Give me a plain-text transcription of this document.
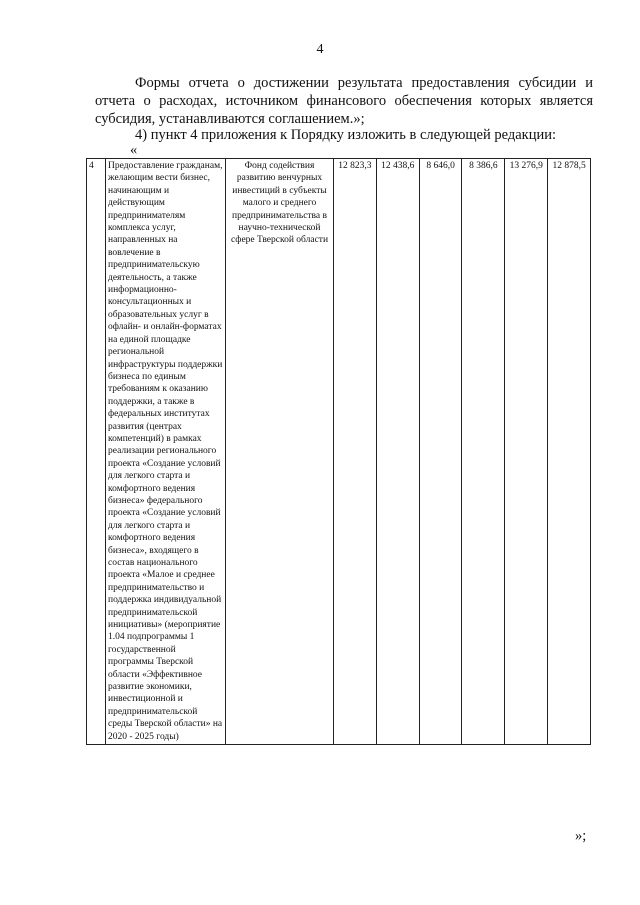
4

Формы отчета о достижении результата предоставления субсидии и отчета о расходах, источником финансового обеспечения которых является субсидия, устанавливаются соглашением.»;

4) пункт 4 приложения к Порядку изложить в следующей редакции:

«
4	Предоставление гражданам, желающим вести бизнес, начинающим и действующим предпринимателям комплекса услуг, направленных на вовлечение в предпринимательскую деятельность, а также информационно-консультационных и образовательных услуг в офлайн- и онлайн-форматах на единой площадке региональной инфраструктуры поддержки бизнеса по единым требованиям к оказанию поддержки, а также в федеральных институтах развития (центрах компетенций) в рамках реализации регионального проекта «Создание условий для легкого старта и комфортного ведения бизнеса» федерального проекта «Создание условий для легкого старта и комфортного ведения бизнеса», входящего в состав национального проекта «Малое и среднее предпринимательство и поддержка индивидуальной предпринимательской инициативы» (мероприятие 1.04 подпрограммы 1 государственной программы Тверской области «Эффективное развитие экономики, инвестиционной и предпринимательской среды Тверской области» на 2020 - 2025 годы)	Фонд содействия развитию венчурных инвестиций в субъекты малого и среднего предпринимательства в научно-технической сфере Тверской области	12 823,3	12 438,6	8 646,0	8 386,6	13 276,9	12 878,5
»;
